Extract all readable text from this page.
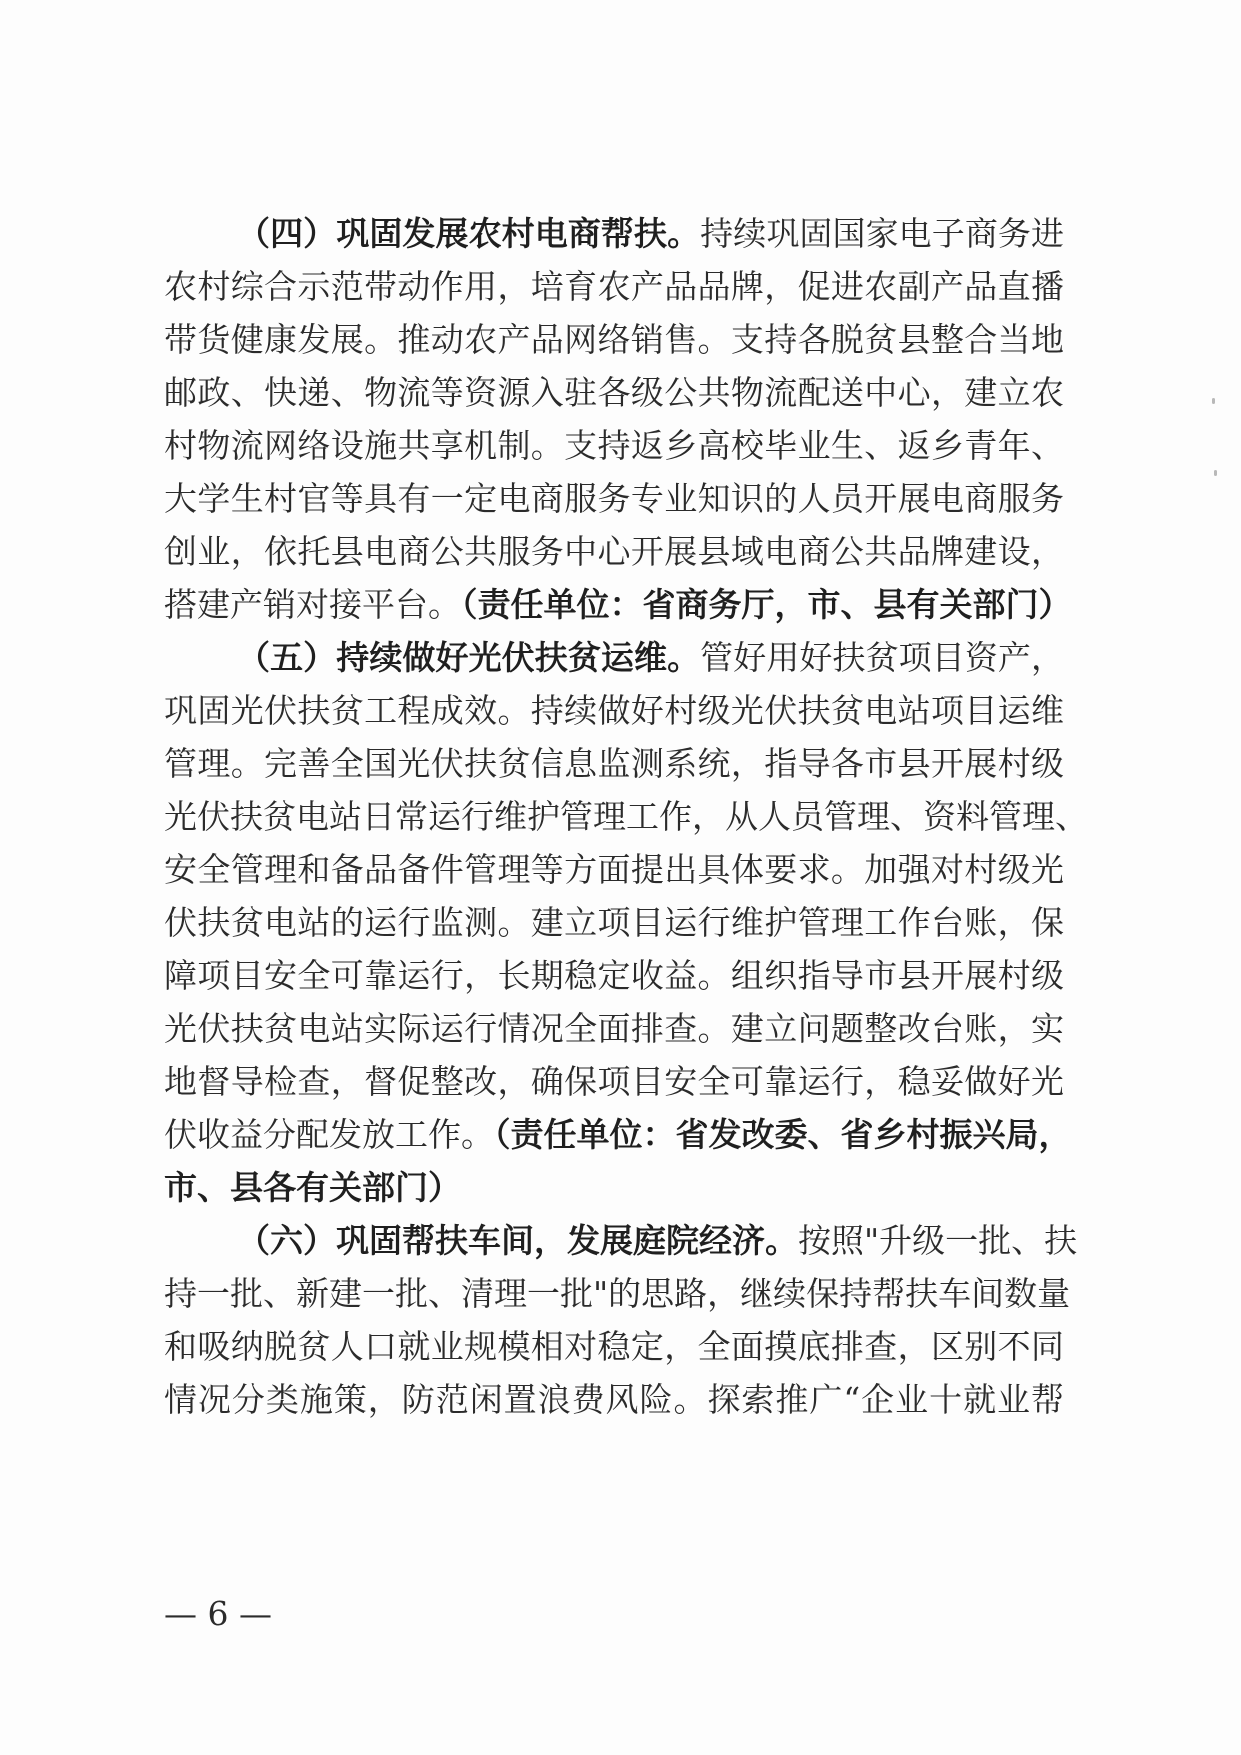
（四）巩固发展农村电商帮扶。持续巩固国家电子商务进
农村综合示范带动作用，培育农产品品牌，促进农副产品直播
带货健康发展。推动农产品网络销售。支持各脱贫县整合当地
邮政、快递、物流等资源入驻各级公共物流配送中心，建立农
村物流网络设施共享机制。支持返乡高校毕业生、返乡青年、
大学生村官等具有一定电商服务专业知识的人员开展电商服务
创业，依托县电商公共服务中心开展县域电商公共品牌建设，
搭建产销对接平台。（责任单位：省商务厅，市、县有关部门）
（五）持续做好光伏扶贫运维。管好用好扶贫项目资产，
巩固光伏扶贫工程成效。持续做好村级光伏扶贫电站项目运维
管理。完善全国光伏扶贫信息监测系统，指导各市县开展村级
光伏扶贫电站日常运行维护管理工作，从人员管理、资料管理、
安全管理和备品备件管理等方面提出具体要求。加强对村级光
伏扶贫电站的运行监测。建立项目运行维护管理工作台账，保
障项目安全可靠运行，长期稳定收益。组织指导市县开展村级
光伏扶贫电站实际运行情况全面排查。建立问题整改台账，实
地督导检查，督促整改，确保项目安全可靠运行，稳妥做好光
伏收益分配发放工作。（责任单位：省发改委、省乡村振兴局，
市、县各有关部门）
（六）巩固帮扶车间，发展庭院经济。按照"升级一批、扶
持一批、新建一批、清理一批"的思路，继续保持帮扶车间数量
和吸纳脱贫人口就业规模相对稳定，全面摸底排查，区别不同
情况分类施策，防范闲置浪费风险。探索推广“企业十就业帮
— 6 —
